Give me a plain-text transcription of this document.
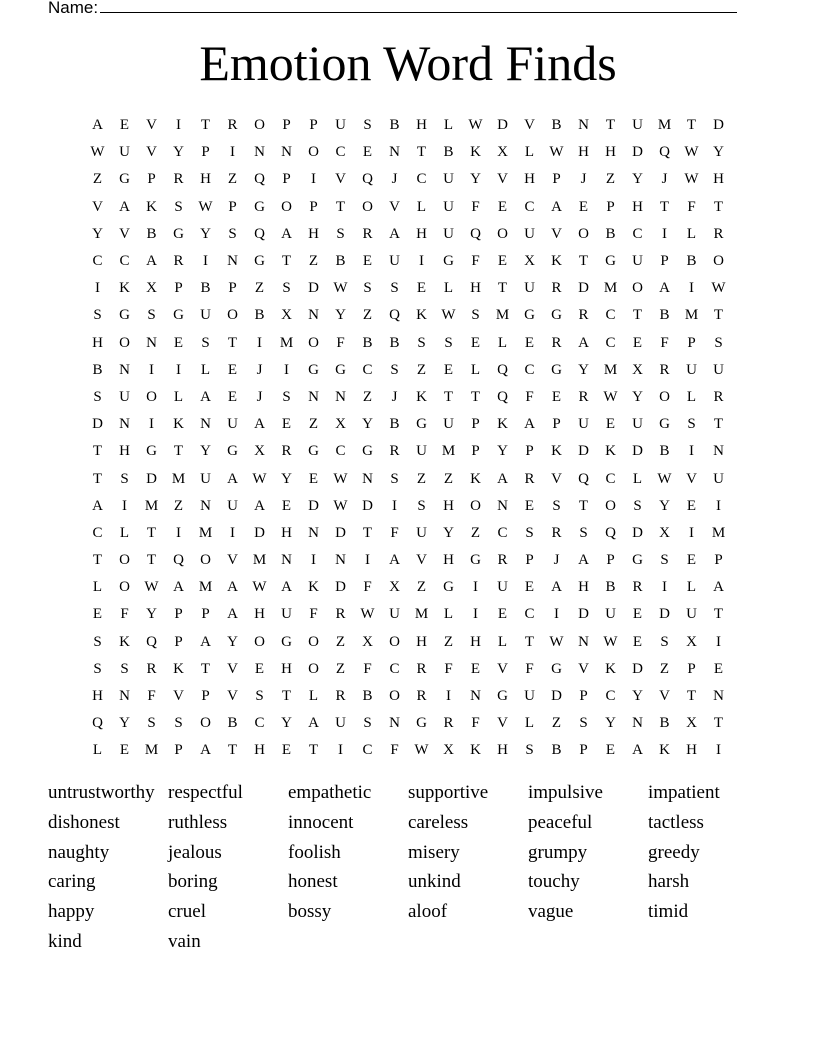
Name:
Emotion Word Finds
A	E	V	I	T	R	O	P	P	U	S	B	H	L	W D	V	B	N	T	U M	T	D
W U	V	Y	P	I	N	N	O	C	E	N	T	B	K	X	L	W H	H	D	Q W Y
Z	G	P	R	H	Z	Q	P	I	V	Q	J	C	U	Y	V	H	P	J	Z	Y	J	W H
V	A	K	S	W	P	G	O	P	T	O	V	L	U	F	E	C	A	E	P	H	T	F	T
Y	V	B	G	Y	S	Q	A	H	S	R	A	H	U	Q	O	U	V	O	B	C	I	L	R
C	C	A	R	I	N	G	T	Z	B	E	U	I	G	F	E	X	K	T	G	U	P	B	O
I	K	X	P	B	P	Z	S	D W	S	S	E	L	H	T	U	R	D M O	A	I	W
S	G	S	G	U	O	B	X	N	Y	Z	Q	K W	S	M G	G	R	C	T	B	M	T
H	O	N	E	S	T	I	M O	F	B	B	S	S	E	L	E	R	A	C	E	F	P	S
B	N	I	I	L	E	J	I	G	G	C	S	Z	E	L	Q	C	G	Y M X	R	U	U
S	U	O	L	A	E	J	S	N	N	Z	J	K	T	T	Q	F	E	R W Y	O	L	R
D	N	I	K	N	U	A	E	Z	X	Y	B	G	U	P	K	A	P	U	E	U	G	S	T
T	H	G	T	Y	G	X	R	G	C	G	R	U M	P	Y	P	K	D	K	D	B	I	N
T	S	D M U	A W Y	E	W N	S	Z	Z	K	A	R	V	Q	C	L	W V	U
A	I	M	Z	N	U	A	E	D W D	I	S	H	O	N	E	S	T	O	S	Y	E	I
C	L	T	I	M	I	D	H	N	D	T	F	U	Y	Z	C	S	R	S	Q	D	X	I	M
T	O	T	Q	O	V M N	I	N	I	A	V	H	G	R	P	J	A	P	G	S	E	P
L	O W A M A W A	K	D	F	X	Z	G	I	U	E	A	H	B	R	I	L	A
E	F	Y	P	P	A	H	U	F	R W U M	L	I	E	C	I	D	U	E	D	U	T
S	K	Q	P	A	Y	O	G	O	Z	X	O	H	Z	H	L	T	W N W	E	S	X	I
S	S	R	K	T	V	E	H	O	Z	F	C	R	F	E	V	F	G	V	K	D	Z	P	E
H	N	F	V	P	V	S	T	L	R	B	O	R	I	N	G	U	D	P	C	Y	V	T	N
Q	Y	S	S	O	B	C	Y	A	U	S	N	G	R	F	V	L	Z	S	Y	N	B	X	T
L	E	M	P	A	T	H	E	T	I	C	F	W X	K	H	S	B	P	E	A	K	H	I
untrustworthy respectful	empathetic	supportive	impulsive	impatient
dishonest	ruthless	innocent	careless	peaceful	tactless
naughty	jealous	foolish	misery	grumpy	greedy
caring	boring	honest	unkind	touchy	harsh
happy	cruel	bossy	aloof	vague	timid
kind	vain
